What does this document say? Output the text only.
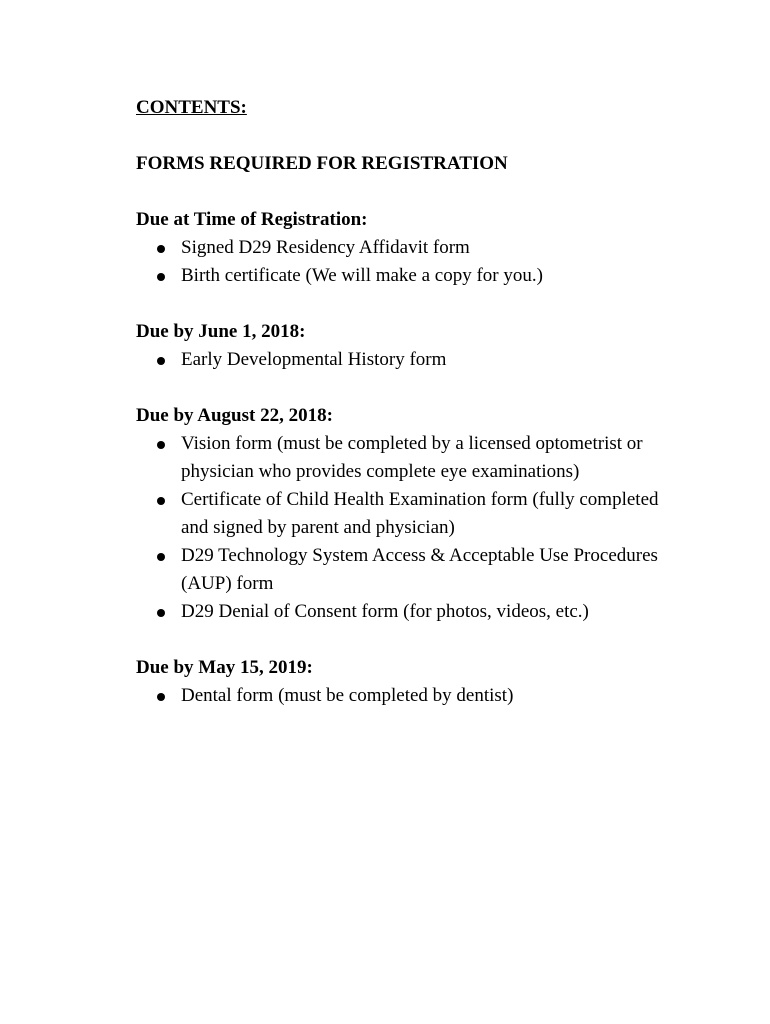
CONTENTS:
FORMS REQUIRED FOR REGISTRATION
Due at Time of Registration:
Signed D29 Residency Affidavit form
Birth certificate (We will make a copy for you.)
Due by June 1, 2018:
Early Developmental History form
Due by August 22, 2018:
Vision form (must be completed by a licensed optometrist or physician who provides complete eye examinations)
Certificate of Child Health Examination form (fully completed and signed by parent and physician)
D29 Technology System Access & Acceptable Use Procedures (AUP) form
D29 Denial of Consent form (for photos, videos, etc.)
Due by May 15, 2019:
Dental form (must be completed by dentist)
